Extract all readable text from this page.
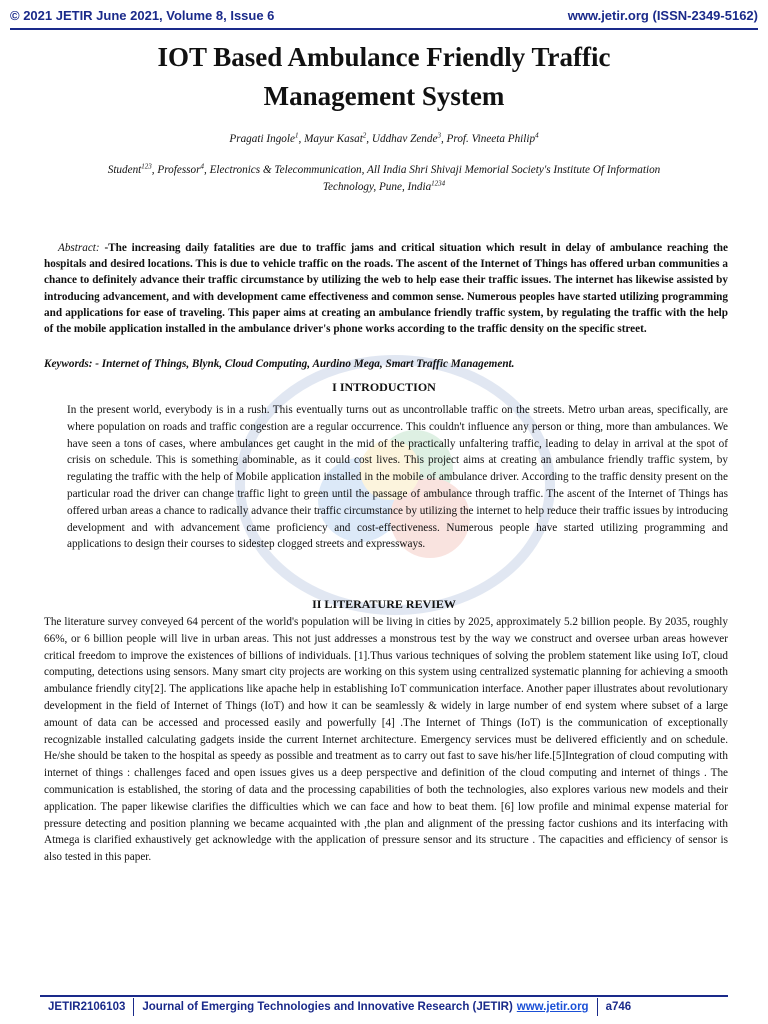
© 2021 JETIR June 2021, Volume 8, Issue 6	www.jetir.org (ISSN-2349-5162)
IOT Based Ambulance Friendly Traffic
Management System
Pragati Ingole$^1$, Mayur Kasat$^2$, Uddhav Zende$^3$, Prof. Vineeta Philip$^4$
Student$^{123}$, Professor$^4$, Electronics & Telecommunication, All India Shri Shivaji Memorial Society's Institute Of Information
Technology, Pune, India$^{1234}$
Abstract: -The increasing daily fatalities are due to traffic jams and critical situation which result in delay of ambulance reaching the hospitals and desired locations. This is due to vehicle traffic on the roads. The ascent of the Internet of Things has offered urban communities a chance to definitely advance their traffic circumstance by utilizing the web to help ease their traffic issues. The internet has likewise assisted by introducing advancement, and with development came effectiveness and common sense. Numerous peoples have started utilizing programming and applications for ease of traveling. This paper aims at creating an ambulance friendly traffic system, by regulating the traffic with the help of the mobile application installed in the ambulance driver's phone works according to the traffic density on the specific street.
Keywords: - Internet of Things, Blynk, Cloud Computing, Aurdino Mega, Smart Traffic Management.
I INTRODUCTION
In the present world, everybody is in a rush. This eventually turns out as uncontrollable traffic on the streets. Metro urban areas, specifically, are where population on roads and traffic congestion are a regular occurrence. This couldn't influence any person or thing, more than ambulances. We have seen a tons of cases, where ambulances get caught in the mid of the practically unfaltering traffic, leading to delay in arrival at the spot of crisis on schedule. This is something abominable, as it could cost lives. This project aims at creating an ambulance friendly traffic system, by regulating the traffic with the help of Mobile application installed in the mobile of ambulance driver. According to the traffic density present on the particular road the driver can change traffic light to green until the passage of ambulance through traffic. The ascent of the Internet of Things has offered urban areas a chance to radically advance their traffic circumstance by utilizing the internet to help reduce their traffic issues by introducing development and with advancement came proficiency and cost-effectiveness. Numerous people have started utilizing programming and applications to design their courses to sidestep clogged streets and expressways.
II LITERATURE REVIEW
The literature survey conveyed 64 percent of the world's population will be living in cities by 2025, approximately 5.2 billion people. By 2035, roughly 66%, or 6 billion people will live in urban areas. This not just addresses a monstrous test by the way we construct and oversee urban areas however critical freedom to improve the existences of billions of individuals. [1].Thus various techniques of solving the problem statement like using IoT, cloud computing, detections using sensors. Many smart city projects are working on this system using centralized systematic planning for achieving a smooth ambulance friendly city[2]. The applications like apache help in establishing IoT communication interface. Another paper illustrates about revolutionary development in the field of Internet of Things (IoT) and how it can be seamlessly & widely in large number of end system where subset of a large amount of data can be accessed and processed easily and powerfully [4] .The Internet of Things (IoT) is the communication of exceptionally recognizable installed calculating gadgets inside the current Internet architecture. Emergency services must be delivered efficiently and on schedule. He/she should be taken to the hospital as speedy as possible and treatment as to carry out fast to save his/her life.[5]Integration of cloud computing with internet of things : challenges faced and open issues gives us a deep perspective and definition of the cloud computing and internet of things . The communication is established, the storing of data and the processing capabilities of both the technologies, also explores various new models and their application. The paper likewise clarifies the difficulties which we can face and how to beat them. [6] low profile and minimal expense material for pressure detecting and position planning we became acquainted with ,the plan and alignment of the pressing factor cushions and its interfacing with Atmega is clarified exhaustively get acknowledge with the application of pressure sensor and its structure . The capacities and efficiency of sensor is also tested in this paper.
JETIR2106103	Journal of Emerging Technologies and Innovative Research (JETIR) www.jetir.org	a746
